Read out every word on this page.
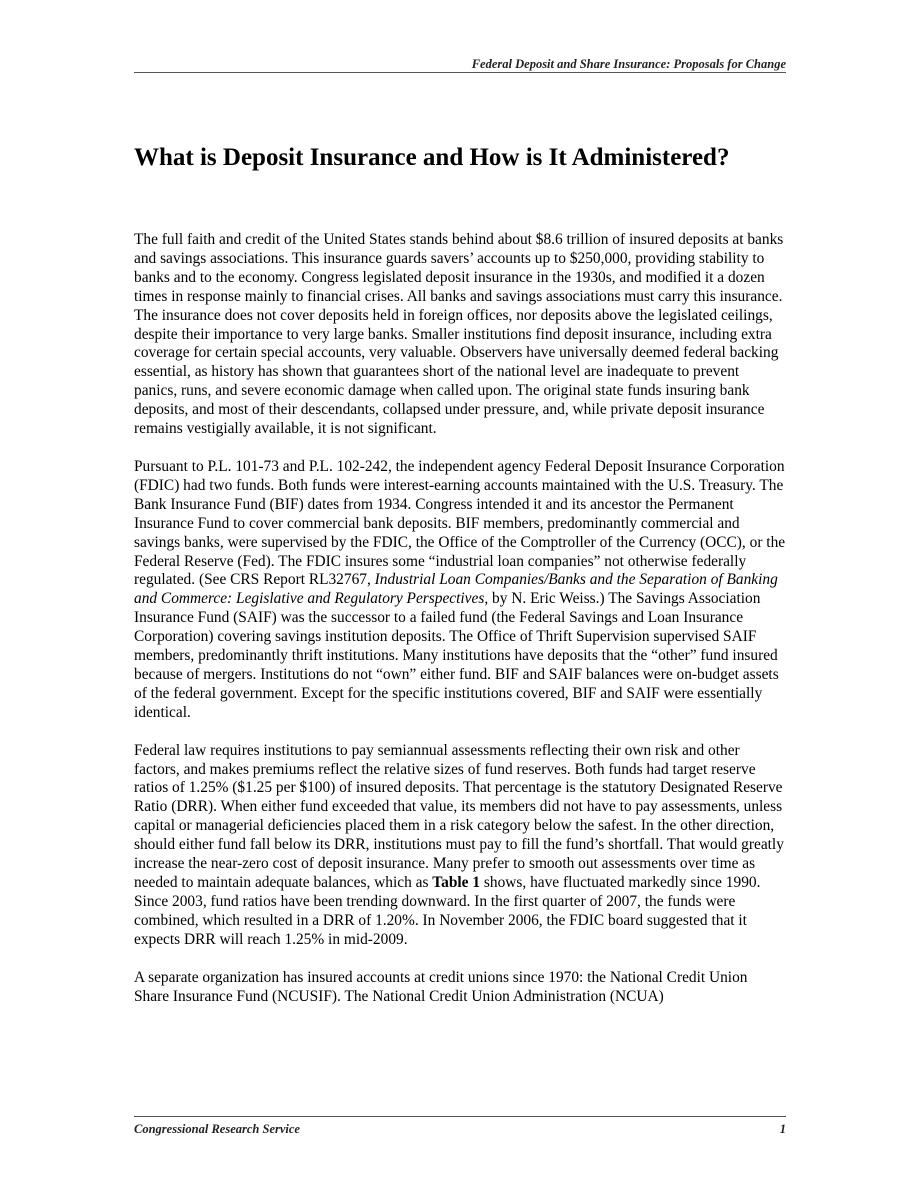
Federal Deposit and Share Insurance: Proposals for Change
What is Deposit Insurance and How is It Administered?

The full faith and credit of the United States stands behind about $8.6 trillion of insured deposits at banks and savings associations. This insurance guards savers’ accounts up to $250,000, providing stability to banks and to the economy. Congress legislated deposit insurance in the 1930s, and modified it a dozen times in response mainly to financial crises. All banks and savings associations must carry this insurance. The insurance does not cover deposits held in foreign offices, nor deposits above the legislated ceilings, despite their importance to very large banks. Smaller institutions find deposit insurance, including extra coverage for certain special accounts, very valuable. Observers have universally deemed federal backing essential, as history has shown that guarantees short of the national level are inadequate to prevent panics, runs, and severe economic damage when called upon. The original state funds insuring bank deposits, and most of their descendants, collapsed under pressure, and, while private deposit insurance remains vestigially available, it is not significant.

Pursuant to P.L. 101-73 and P.L. 102-242, the independent agency Federal Deposit Insurance Corporation (FDIC) had two funds. Both funds were interest-earning accounts maintained with the U.S. Treasury. The Bank Insurance Fund (BIF) dates from 1934. Congress intended it and its ancestor the Permanent Insurance Fund to cover commercial bank deposits. BIF members, predominantly commercial and savings banks, were supervised by the FDIC, the Office of the Comptroller of the Currency (OCC), or the Federal Reserve (Fed). The FDIC insures some “industrial loan companies” not otherwise federally regulated. (See CRS Report RL32767, Industrial Loan Companies/Banks and the Separation of Banking and Commerce: Legislative and Regulatory Perspectives, by N. Eric Weiss.) The Savings Association Insurance Fund (SAIF) was the successor to a failed fund (the Federal Savings and Loan Insurance Corporation) covering savings institution deposits. The Office of Thrift Supervision supervised SAIF members, predominantly thrift institutions. Many institutions have deposits that the “other” fund insured because of mergers. Institutions do not “own” either fund. BIF and SAIF balances were on-budget assets of the federal government. Except for the specific institutions covered, BIF and SAIF were essentially identical.

Federal law requires institutions to pay semiannual assessments reflecting their own risk and other factors, and makes premiums reflect the relative sizes of fund reserves. Both funds had target reserve ratios of 1.25% ($1.25 per $100) of insured deposits. That percentage is the statutory Designated Reserve Ratio (DRR). When either fund exceeded that value, its members did not have to pay assessments, unless capital or managerial deficiencies placed them in a risk category below the safest. In the other direction, should either fund fall below its DRR, institutions must pay to fill the fund’s shortfall. That would greatly increase the near-zero cost of deposit insurance. Many prefer to smooth out assessments over time as needed to maintain adequate balances, which as Table 1 shows, have fluctuated markedly since 1990. Since 2003, fund ratios have been trending downward. In the first quarter of 2007, the funds were combined, which resulted in a DRR of 1.20%. In November 2006, the FDIC board suggested that it expects DRR will reach 1.25% in mid-2009.

A separate organization has insured accounts at credit unions since 1970: the National Credit Union Share Insurance Fund (NCUSIF). The National Credit Union Administration (NCUA)

Congressional Research Service	1
